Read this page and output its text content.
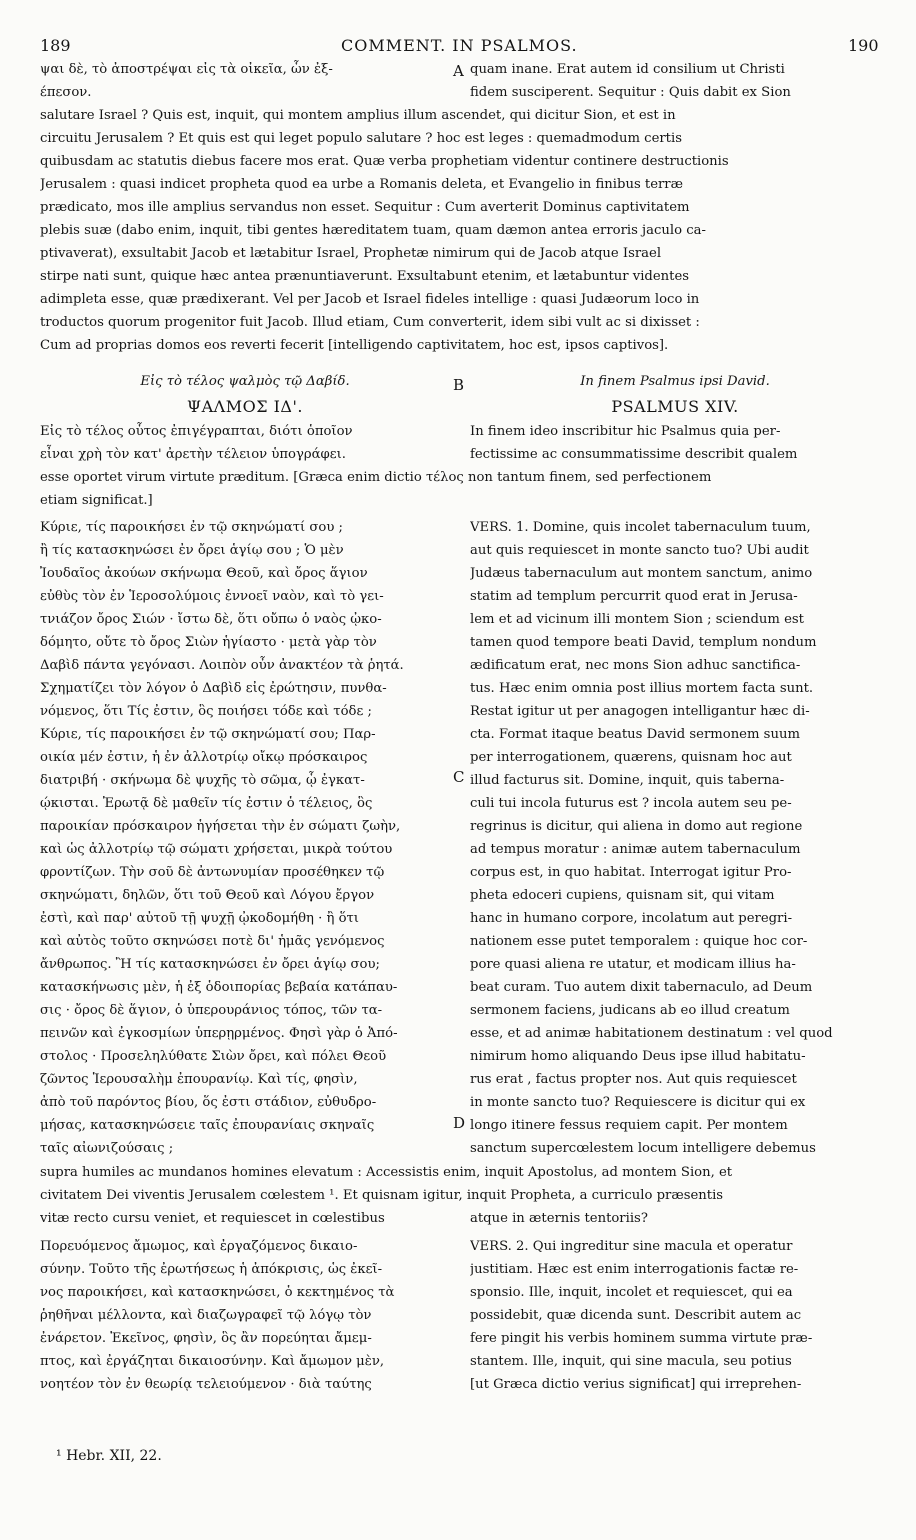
189	COMMENT. IN PSALMOS.	190
ψαι δὲ, τὸ ἀποστρέψαι εἰς τὰ οἰκεῖα, ὧν ἐξ-
έπεσον.
A quam inane. Erat autem id consilium ut Christi
fidem susciperent. Sequitur : Quis dabit ex Sion
salutare Israel ? Quis est, inquit, qui montem amplius illum ascendet, qui dicitur Sion, et est in
circuitu Jerusalem ? Et quis est qui leget populo salutare ? hoc est leges : quemadmodum certis
quibusdam ac statutis diebus facere mos erat. Quæ verba prophetiam videntur continere destructionis
Jerusalem : quasi indicet propheta quod ea urbe a Romanis deleta, et Evangelio in finibus terræ
prædicato, mos ille amplius servandus non esset. Sequitur : Cum averterit Dominus captivitatem
plebis suæ (dabo enim, inquit, tibi gentes hæreditatem tuam, quam dæmon antea erroris jaculo ca-
ptivaverat), exsultabit Jacob et lætabitur Israel, Prophetæ nimirum qui de Jacob atque Israel
stirpe nati sunt, quique hæc antea prænuntiaverunt. Exsultabunt etenim, et lætabuntur videntes
adimpleta esse, quæ prædixerant. Vel per Jacob et Israel fideles intellige : quasi Judæorum loco in
troductos quorum progenitor fuit Jacob. Illud etiam, Cum converterit, idem sibi vult ac si dixisset :
Cum ad proprias domos eos reverti fecerit [intelligendo captivitatem, hoc est, ipsos captivos].
Εἰς τὸ τέλος ψαλμὸς τῷ Δαβίδ.	B	In finem Psalmus ipsi David.
ΨΑΛΜΟΣ ΙΔ'.	PSALMUS XIV.
Εἰς τὸ τέλος οὗτος ἐπιγέγραπται, διότι ὁποῖον
εἶναι χρὴ τὸν κατ' ἀρετὴν τέλειον ὑπογράφει.
In finem ideo inscribitur hic Psalmus quia per-
fectissime ac consummatissime describit qualem
esse oportet virum virtute præditum. [Græca enim dictio τέλος non tantum finem, sed perfectionem
etiam significat.]
Κύριε, τίς παροικήσει ἐν τῷ σκηνώματί σου ;
ἢ τίς κατασκηνώσει ἐν ὄρει ἁγίῳ σου ; Ὁ μὲν
Ἰουδαῖος ἀκούων σκήνωμα Θεοῦ, καὶ ὄρος ἅγιον
εὐθὺς τὸν ἐν Ἱεροσολύμοις ἐννοεῖ ναὸν, καὶ τὸ γει-
τνιάζον ὄρος Σιών · ἴστω δὲ, ὅτι οὔπω ὁ ναὸς ᾠκο-
δόμητο, οὔτε τὸ ὄρος Σιὼν ἡγίαστο · μετὰ γὰρ τὸν
Δαβὶδ πάντα γεγόνασι. Λοιπὸν οὖν ἀνακτέον τὰ ῥητά.
Σχηματίζει τὸν λόγον ὁ Δαβὶδ εἰς ἐρώτησιν, πυνθα-
νόμενος, ὅτι Τίς ἐστιν, ὃς ποιήσει τόδε καὶ τόδε ;
Κύριε, τίς παροικήσει ἐν τῷ σκηνώματί σου; Παρ-
οικία μέν ἐστιν, ἡ ἐν ἀλλοτρίῳ οἴκῳ πρόσκαιρος
διατριβή · σκήνωμα δὲ ψυχῆς τὸ σῶμα, ᾧ ἐγκατ-
ῴκισται. Ἐρωτᾷ δὲ μαθεῖν τίς ἐστιν ὁ τέλειος, ὃς
παροικίαν πρόσκαιρον ἡγήσεται τὴν ἐν σώματι ζωὴν,
καὶ ὡς ἀλλοτρίῳ τῷ σώματι χρήσεται, μικρὰ τούτου
φροντίζων. Τὴν σοῦ δὲ ἀντωνυμίαν προσέθηκεν τῷ
σκηνώματι, δηλῶν, ὅτι τοῦ Θεοῦ καὶ Λόγου ἔργον
ἐστὶ, καὶ παρ' αὐτοῦ τῇ ψυχῇ ᾠκοδομήθη · ἢ ὅτι
καὶ αὐτὸς τοῦτο σκηνώσει ποτὲ δι' ἡμᾶς γενόμενος
ἄνθρωπος. Ἢ τίς κατασκηνώσει ἐν ὄρει ἁγίῳ σου;
κατασκήνωσις μὲν, ἡ ἐξ ὁδοιπορίας βεβαία κατάπαυ-
σις · ὄρος δὲ ἅγιον, ὁ ὑπερουράνιος τόπος, τῶν τα-
πεινῶν καὶ ἐγκοσμίων ὑπερῃρμένος. Φησὶ γὰρ ὁ Ἀπό-
στολος · Προσεληλύθατε Σιὼν ὄρει, καὶ πόλει Θεοῦ
ζῶντος Ἱερουσαλὴμ ἐπουρανίῳ. Καὶ τίς, φησὶν,
ἀπὸ τοῦ παρόντος βίου, ὅς ἐστι στάδιον, εὐθυδρο-
μήσας, κατασκηνώσειε ταῖς ἐπουρανίαις σκηναῖς
ταῖς αἰωνιζούσαις ;
C
D
VERS. 1. Domine, quis incolet tabernaculum tuum,
aut quis requiescet in monte sancto tuo? Ubi audit
Judæus tabernaculum aut montem sanctum, animo
statim ad templum percurrit quod erat in Jerusa-
lem et ad vicinum illi montem Sion ; sciendum est
tamen quod tempore beati David, templum nondum
ædificatum erat, nec mons Sion adhuc sanctifica-
tus. Hæc enim omnia post illius mortem facta sunt.
Restat igitur ut per anagogen intelligantur hæc di-
cta. Format itaque beatus David sermonem suum
per interrogationem, quærens, quisnam hoc aut
illud facturus sit. Domine, inquit, quis taberna-
culi tui incola futurus est ? incola autem seu pe-
regrinus is dicitur, qui aliena in domo aut regione
ad tempus moratur : animæ autem tabernaculum
corpus est, in quo habitat. Interrogat igitur Pro-
pheta edoceri cupiens, quisnam sit, qui vitam
hanc in humano corpore, incolatum aut peregri-
nationem esse putet temporalem : quique hoc cor-
pore quasi aliena re utatur, et modicam illius ha-
beat curam. Tuo autem dixit tabernaculo, ad Deum
sermonem faciens, judicans ab eo illud creatum
esse, et ad animæ habitationem destinatum : vel quod
nimirum homo aliquando Deus ipse illud habitatu-
rus erat , factus propter nos. Aut quis requiescet
in monte sancto tuo? Requiescere is dicitur qui ex
longo itinere fessus requiem capit. Per montem
sanctum supercœlestem locum intelligere debemus
supra humiles ac mundanos homines elevatum : Accessistis enim, inquit Apostolus, ad montem Sion, et
civitatem Dei viventis Jerusalem cœlestem ¹. Et quisnam igitur, inquit Propheta, a curriculo præsentis
vitæ recto cursu veniet, et requiescet in cœlestibus	atque in æternis tentoriis?
Πορευόμενος ἄμωμος, καὶ ἐργαζόμενος δικαιο-
σύνην. Τοῦτο τῆς ἐρωτήσεως ἡ ἀπόκρισις, ὡς ἐκεῖ-
νος παροικήσει, καὶ κατασκηνώσει, ὁ κεκτημένος τὰ
ῥηθῆναι μέλλοντα, καὶ διαζωγραφεῖ τῷ λόγῳ τὸν
ἐνάρετον. Ἐκεῖνος, φησὶν, ὃς ἂν πορεύηται ἄμεμ-
πτος, καὶ ἐργάζηται δικαιοσύνην. Καὶ ἄμωμον μὲν,
νοητέον τὸν ἐν θεωρίᾳ τελειούμενον · διὰ ταύτης
VERS. 2. Qui ingreditur sine macula et operatur
justitiam. Hæc est enim interrogationis factæ re-
sponsio. Ille, inquit, incolet et requiescet, qui ea
possidebit, quæ dicenda sunt. Describit autem ac
fere pingit his verbis hominem summa virtute præ-
stantem. Ille, inquit, qui sine macula, seu potius
[ut Græca dictio verius significat] qui irreprehen-
¹ Hebr. XII, 22.
